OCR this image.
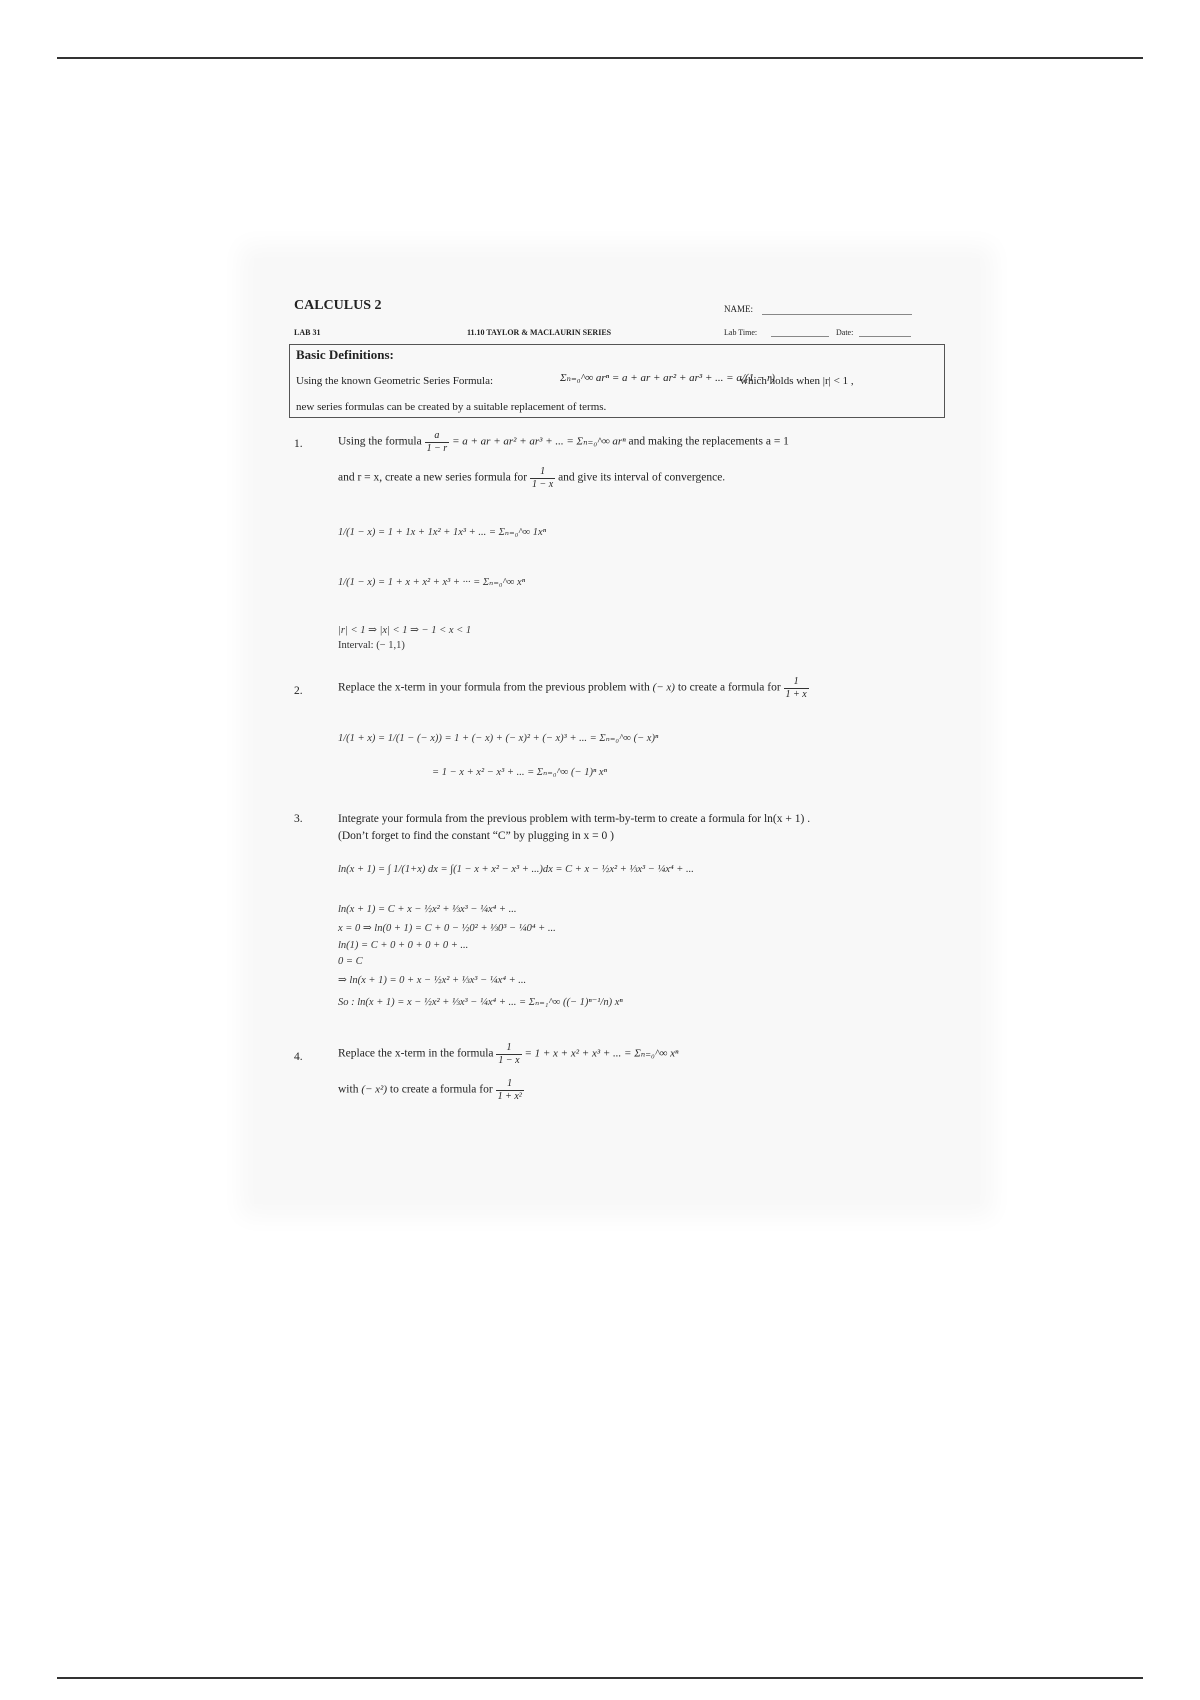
CALCULUS 2	NAME:
LAB 31	11.10 TAYLOR & MACLAURIN SERIES	Lab Time:	Date:
Basic Definitions:
Using the known Geometric Series Formula:	Σₙ₌₀^∞ arⁿ = a + ar + ar² + ar³ + ... = a/(1 − r)
which holds when |r| < 1 ,
new series formulas can be created by a suitable replacement of terms.
1.	Using the formula $\frac{a}{1 - r} = a$ + ar + ar² + ar³ + ... = Σₙ₌₀^∞ arⁿ and making the replacements a = 1
and r = x, create a new series formula for $\frac{1}{1 - x}$ and give its interval of convergence.
1/(1 − x) = 1 + 1x + 1x² + 1x³ + ... = Σₙ₌₀^∞ 1xⁿ
1/(1 − x) = 1 + x + x² + x³ + ··· = Σₙ₌₀^∞ xⁿ
|r| < 1 ⇒ |x| < 1 ⇒ − 1 < x < 1
Interval: (− 1,1)
2.	Replace the x-term in your formula from the previous problem with (− x) to create a formula for $\frac{1}{1 + x}$
1/(1 + x) = 1/(1 − (− x)) = 1 + (− x) + (− x)² + (− x)³ + ... = Σₙ₌₀^∞ (− x)ⁿ
= 1 − x + x² − x³ + ... = Σₙ₌₀^∞ (− 1)ⁿ xⁿ
3.	Integrate your formula from the previous problem with term-by-term to create a formula for ln(x + 1) .
(Don’t forget to find the constant “C” by plugging in x = 0 )
ln(x + 1) = ∫ 1/(1+x) dx = ∫(1 − x + x² − x³ + ...)dx = C + x − ½x² + ⅓x³ − ¼x⁴ + ...
ln(x + 1) = C + x − ½x² + ⅓x³ − ¼x⁴ + ...
x = 0 ⇒ ln(0 + 1) = C + 0 − ½0² + ⅓0³ − ¼0⁴ + ...
ln(1) = C + 0 + 0 + 0 + 0 + ...
0 = C
⇒ ln(x + 1) = 0 + x − ½x² + ⅓x³ − ¼x⁴ + ...
So : ln(x + 1) = x − ½x² + ⅓x³ − ¼x⁴ + ... = Σₙ₌₁^∞ ((− 1)ⁿ⁻¹/n) xⁿ
4.	Replace the x-term in the formula $\frac{1}{1 - x} = 1 + x + x^2 + x^3$ + ... = Σₙ₌₀^∞ xⁿ
with (− x²) to create a formula for $\frac{1}{\text{1 + x²}}$
